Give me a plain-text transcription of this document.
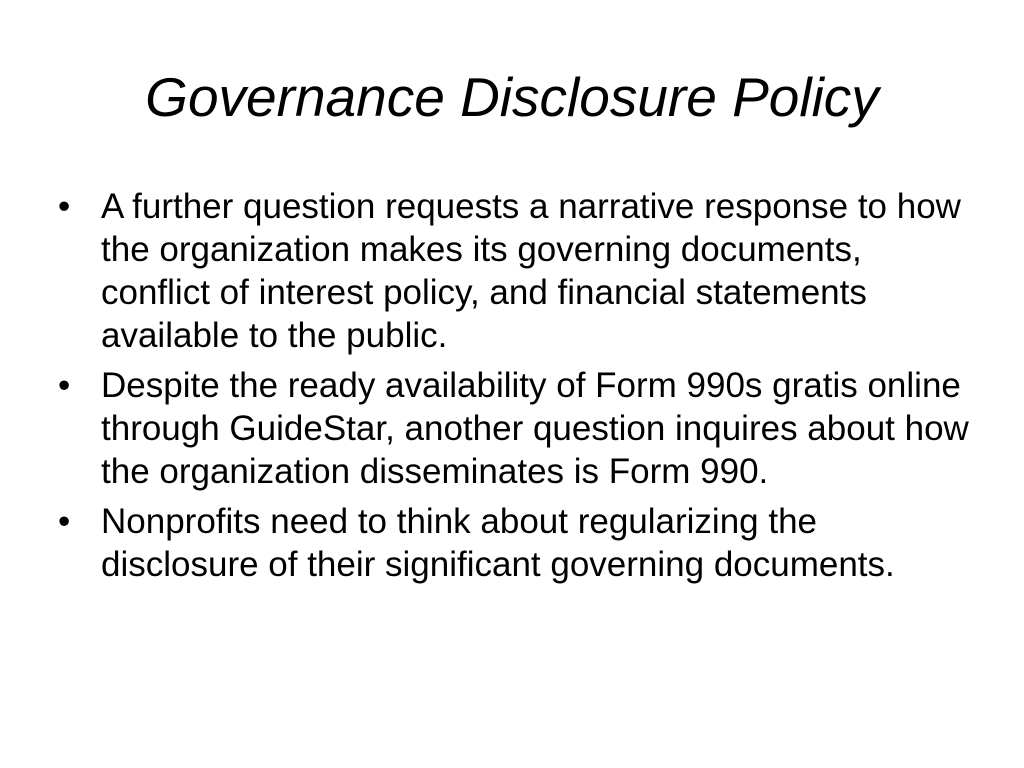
Governance Disclosure Policy
• A further question requests a narrative response to how the organization makes its governing documents, conflict of interest policy, and financial statements available to the public.
• Despite the ready availability of Form 990s gratis online through GuideStar, another question inquires about how the organization disseminates is Form 990.
• Nonprofits need to think about regularizing the disclosure of their significant governing documents.
